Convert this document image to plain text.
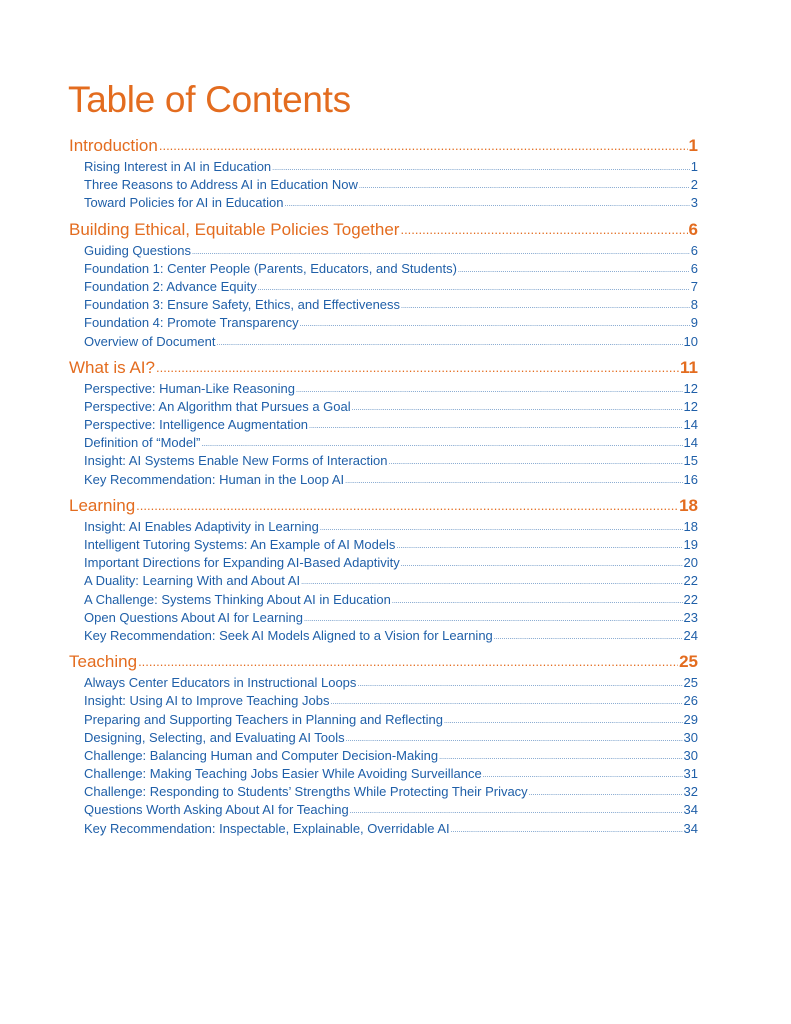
Table of Contents
Introduction .....	1
Rising Interest in AI in Education .....	1
Three Reasons to Address AI in Education Now .....	2
Toward Policies for AI in Education .....	3
Building Ethical, Equitable Policies Together .....	6
Guiding Questions .....	6
Foundation 1: Center People (Parents, Educators, and Students) .....	6
Foundation 2: Advance Equity .....	7
Foundation 3: Ensure Safety, Ethics, and Effectiveness .....	8
Foundation 4: Promote Transparency .....	9
Overview of Document .....	10
What is AI? .....	11
Perspective: Human-Like Reasoning .....	12
Perspective: An Algorithm that Pursues a Goal .....	12
Perspective: Intelligence Augmentation .....	14
Definition of “Model” .....	14
Insight: AI Systems Enable New Forms of Interaction .....	15
Key Recommendation: Human in the Loop AI .....	16
Learning .....	18
Insight: AI Enables Adaptivity in Learning .....	18
Intelligent Tutoring Systems: An Example of AI Models .....	19
Important Directions for Expanding AI-Based Adaptivity .....	20
A Duality: Learning With and About AI .....	22
A Challenge: Systems Thinking About AI in Education .....	22
Open Questions About AI for Learning .....	23
Key Recommendation: Seek AI Models Aligned to a Vision for Learning .....	24
Teaching .....	25
Always Center Educators in Instructional Loops .....	25
Insight: Using AI to Improve Teaching Jobs .....	26
Preparing and Supporting Teachers in Planning and Reflecting .....	29
Designing, Selecting, and Evaluating AI Tools .....	30
Challenge: Balancing Human and Computer Decision-Making .....	30
Challenge: Making Teaching Jobs Easier While Avoiding Surveillance .....	31
Challenge: Responding to Students’ Strengths While Protecting Their Privacy .....	32
Questions Worth Asking About AI for Teaching .....	34
Key Recommendation: Inspectable, Explainable, Overridable AI .....	34
